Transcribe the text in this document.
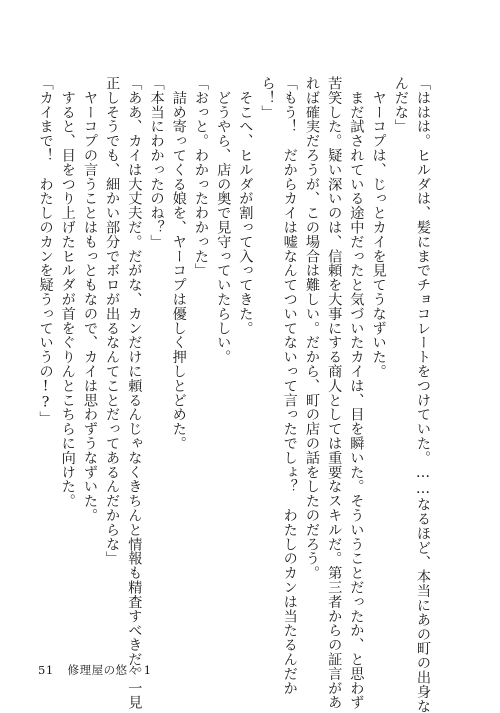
「ははは。ヒルダは、髪にまでチョコレートをつけていた。……なるほど、本当にあの町の出身な
んだな」
　ヤーコプは、じっとカイを見てうなずいた。
　まだ試されている途中だったと気づいたカイは、目を瞬いた。そういうことだったか、と思わず
苦笑した。疑い深いのは、信頼を大事にする商人としては重要なスキルだ。第三者からの証言があ
れば確実だろうが、この場合は難しい。だから、町の店の話をしたのだろう。
「もう！　だからカイは嘘なんてついてないって言ったでしょ？　わたしのカンは当たるんだか
ら！」
　そこへ、ヒルダが割って入ってきた。
　どうやら、店の奥で見守っていたらしい。
「おっと。わかったわかった」
　詰め寄ってくる娘を、ヤーコプは優しく押しとどめた。
「本当にわかったのね？」
「ああ、カイは大丈夫だ。だがな、カンだけに頼るんじゃなくきちんと情報も精査すべきだ。一見
正しそうでも、細かい部分でボロが出るなんてことだってあるんだからな」
　ヤーコプの言うことはもっともなので、カイは思わずうなずいた。
　すると、目をつり上げたヒルダが首をぐりんとこちらに向けた。
「カイまで！　わたしのカンを疑うっていうの!?」
51 修理屋の悠々 1
